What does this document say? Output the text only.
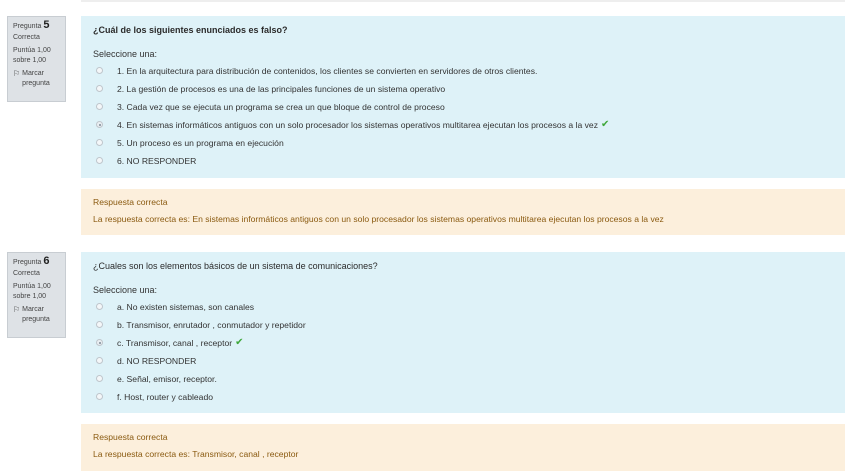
Pregunta 5
Correcta
Puntúa 1,00
sobre 1,00
⚐ Marcar
pregunta
¿Cuál de los siguientes enunciados es falso?
Seleccione una:
1. En la arquitectura para distribución de contenidos, los clientes se convierten en servidores de otros clientes.
2. La gestión de procesos es una de las principales funciones de un sistema operativo
3. Cada vez que se ejecuta un programa se crea un que bloque de control de proceso
4. En sistemas informáticos antiguos con un solo procesador los sistemas operativos multitarea ejecutan los procesos a la vez ✔
5. Un proceso es un programa en ejecución
6. NO RESPONDER
Respuesta correcta
La respuesta correcta es: En sistemas informáticos antiguos con un solo procesador los sistemas operativos multitarea ejecutan los procesos a la vez
Pregunta 6
Correcta
Puntúa 1,00
sobre 1,00
⚐ Marcar
pregunta
¿Cuales son los elementos básicos de un sistema de comunicaciones?
Seleccione una:
a. No existen sistemas, son canales
b. Transmisor, enrutador , conmutador y repetidor
c. Transmisor, canal , receptor ✔
d. NO RESPONDER
e. Señal, emisor, receptor.
f. Host, router y cableado
Respuesta correcta
La respuesta correcta es: Transmisor, canal , receptor
